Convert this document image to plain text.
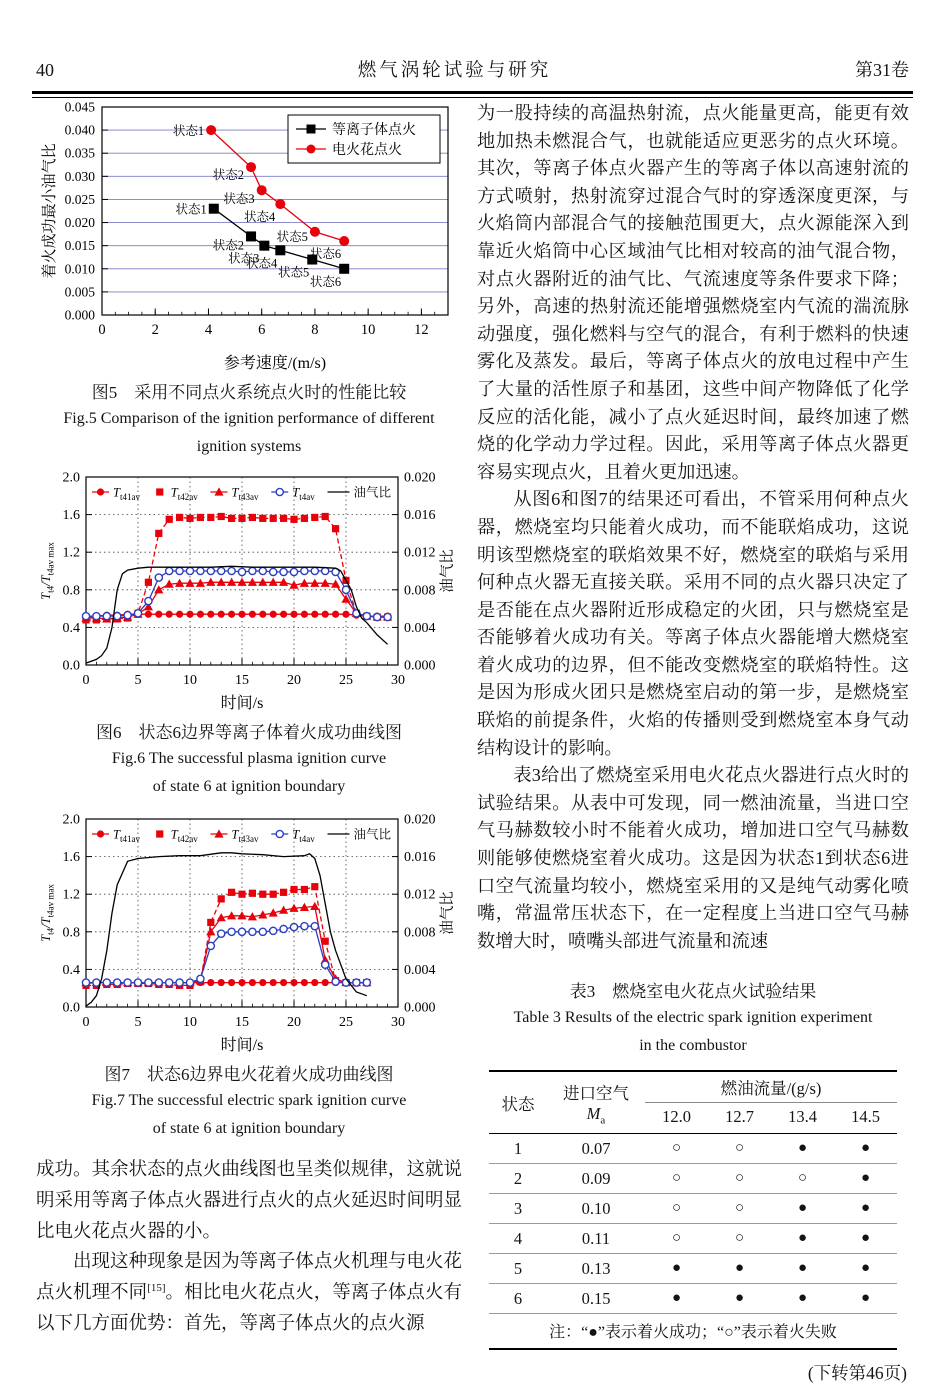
40	燃气涡轮试验与研究	第31卷
0	2	4	6	8	10	12
0.000
0.005
0.010
0.015
0.020
0.025
0.030
0.035
0.040
0.045
状态1
状态2
状态3
状态4
状态5
状态6
状态1
状态2
状态3
状态4
状态5
状态6
等离子体点火
电火花点火
参考速度/(m/s)
着火成功最小油气比
图5　采用不同点火系统点火时的性能比较
Fig.5 Comparison of the ignition performance of different
ignition systems
0	5	10	15	20	25	30
0.0
0.4
0.8
1.2
1.6
2.0
0.000
0.004
0.008
0.012
0.016
0.020
$T_{t41av}$ $T_{t42av}$	$T_{t43av}$	$T_{t4av}$	油气比
时间/s
$T_{t4}/T_{t4av max}$	油气比
图6　状态6边界等离子体着火成功曲线图
Fig.6 The successful plasma ignition curve
of state 6 at ignition boundary
0	5	10	15	20	25	30
0.0
0.4
0.8
1.2
1.6
2.0
0.000
0.004
0.008
0.012
0.016
0.020
$T_{t41av}$ $T_{t42av}$	$T_{t43av}$	$T_{t4av}$	油气比
时间/s
$T_{t4}/T_{t4av max}$	油气比
图7　状态6边界电火花着火成功曲线图
Fig.7 The successful electric spark ignition curve
of state 6 at ignition boundary

成功。其余状态的点火曲线图也呈类似规律，这就说明采用等离子体点火器进行点火的点火延迟时间明显比电火花点火器的小。

出现这种现象是因为等离子体点火机理与电火花点火机理不同[15]。相比电火花点火，等离子体点火有以下几方面优势：首先，等离子体点火的点火源

为一股持续的高温热射流，点火能量更高，能更有效地加热未燃混合气，也就能适应更恶劣的点火环境。其次，等离子体点火器产生的等离子体以高速射流的方式喷射，热射流穿过混合气时的穿透深度更深，与火焰筒内部混合气的接触范围更大，点火源能深入到靠近火焰筒中心区域油气比相对较高的油气混合物，对点火器附近的油气比、气流速度等条件要求下降；另外，高速的热射流还能增强燃烧室内气流的湍流脉动强度，强化燃料与空气的混合，有利于燃料的快速雾化及蒸发。最后，等离子体点火的放电过程中产生了大量的活性原子和基团，这些中间产物降低了化学反应的活化能，减小了点火延迟时间，最终加速了燃烧的化学动力学过程。因此，采用等离子体点火器更容易实现点火，且着火更加迅速。

从图6和图7的结果还可看出，不管采用何种点火器，燃烧室均只能着火成功，而不能联焰成功，这说明该型燃烧室的联焰效果不好，燃烧室的联焰与采用何种点火器无直接关联。采用不同的点火器只决定了是否能在点火器附近形成稳定的火团，只与燃烧室是否能够着火成功有关。等离子体点火器能增大燃烧室着火成功的边界，但不能改变燃烧室的联焰特性。这是因为形成火团只是燃烧室启动的第一步，是燃烧室联焰的前提条件，火焰的传播则受到燃烧室本身气动结构设计的影响。

表3给出了燃烧室采用电火花点火器进行点火时的试验结果。从表中可发现，同一燃油流量，当进口空气马赫数较小时不能着火成功，增加进口空气马赫数则能够使燃烧室着火成功。这是因为状态1到状态6进口空气流量均较小，燃烧室采用的又是纯气动雾化喷嘴，常温常压状态下，在一定程度上当进口空气马赫数增大时，喷嘴头部进气流量和流速

表3　燃烧室电火花点火试验结果
Table 3 Results of the electric spark ignition experiment
in the combustor
状态	进口空气
$M_a$	燃油流量/(g/s)			
		12.0	12.7	13.4	14.5
1	0.07	○	○	●	●
2	0.09	○	○	○	●
3	0.10	○	○	●	●
4	0.11	○	○	●	●
5	0.13	●	●	●	●
6	0.15	●	●	●	●
注：“●”表示着火成功；“○”表示着火失败					
(下转第46页)
